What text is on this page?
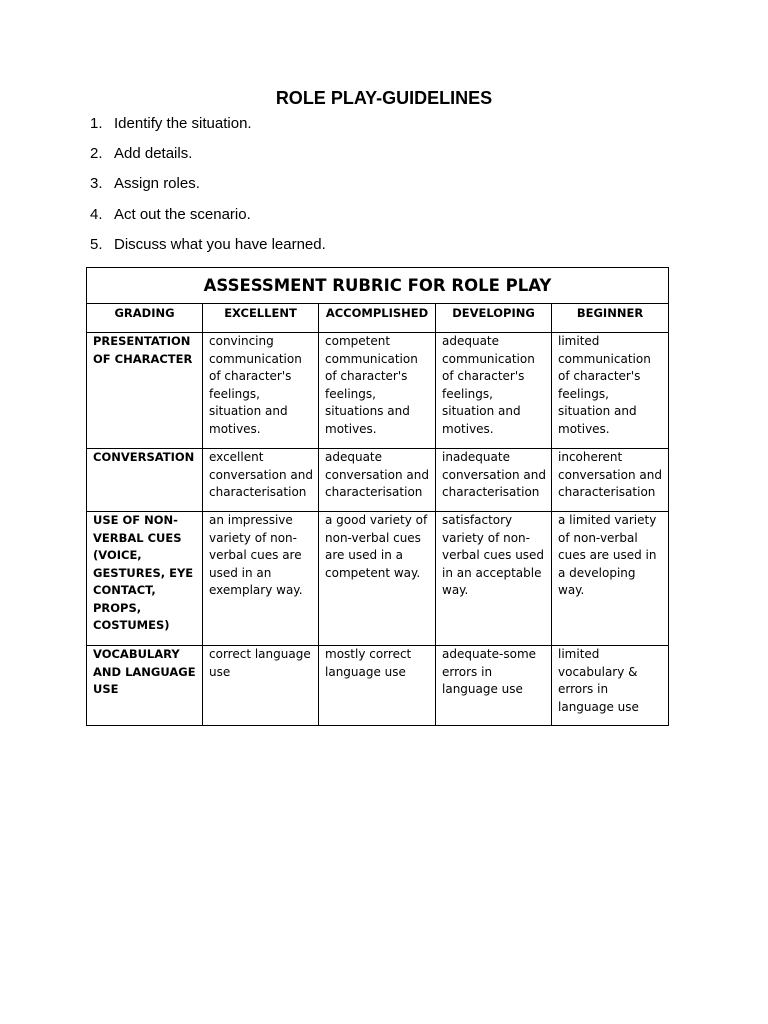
ROLE PLAY-GUIDELINES
1. Identify the situation.
2. Add details.
3. Assign roles.
4. Act out the scenario.
5. Discuss what you have learned.
ASSESSMENT RUBRIC FOR ROLE PLAY				
GRADING	EXCELLENT	ACCOMPLISHED	DEVELOPING	BEGINNER
PRESENTATION OF CHARACTER	convincing communication of character's feelings, situation and motives.	competent communication of character's feelings, situations and motives.	adequate communication of character's feelings, situation and motives.	limited communication of character's feelings, situation and motives.
CONVERSATION	excellent conversation and characterisation	adequate conversation and characterisation	inadequate conversation and characterisation	incoherent conversation and characterisation
USE OF NON-VERBAL CUES (VOICE, GESTURES, EYE CONTACT, PROPS, COSTUMES)	an impressive variety of non-verbal cues are used in an exemplary way.	a good variety of non-verbal cues are used in a competent way.	satisfactory variety of non-verbal cues used in an acceptable way.	a limited variety of non-verbal cues are used in a developing way.
VOCABULARY AND LANGUAGE USE	correct language use	mostly correct language use	adequate-some errors in language use	limited vocabulary & errors in language use
